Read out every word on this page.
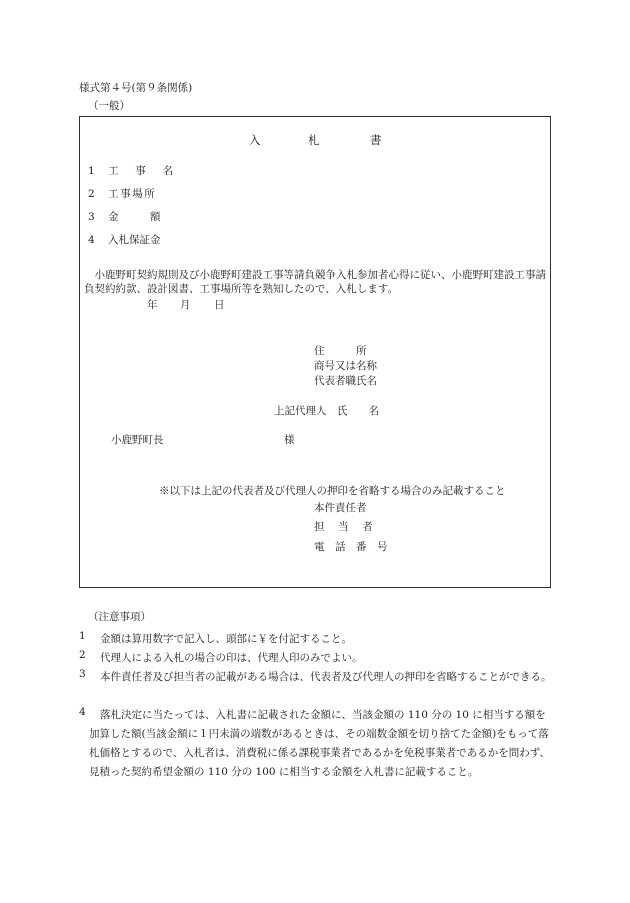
様式第４号(第９条関係)
（一般）
入	札	書
1 工　事　名
2 工事場所
3 金　　　額
4 入札保証金
小鹿野町契約規則及び小鹿野町建設工事等請負競争入札参加者心得に従い、小鹿野町建設工事請負契約約款、設計図書、工事場所等を熟知したので、入札します。
年 月 日
住　　　所
商号又は名称
代表者職氏名
上記代理人　氏　　名
小鹿野町長	様
※以下は上記の代表者及び代理人の押印を省略する場合のみ記載すること
本件責任者
担　当　者
電　話　番　号
（注意事項）
1 金額は算用数字で記入し、頭部に￥を付記すること。
2 代理人による入札の場合の印は、代理人印のみでよい。
3	本件責任者及び担当者の記載がある場合は、代表者及び代理人の押印を省略することができる。
4	落札決定に当たっては、入札書に記載された金額に、当該金額の 110 分の 10 に相当する額を加算した額(当該金額に１円未満の端数があるときは、その端数金額を切り捨てた金額)をもって落札価格とするので、入札者は、消費税に係る課税事業者であるかを免税事業者であるかを問わず、見積った契約希望金額の 110 分の 100 に相当する金額を入札書に記載すること。
